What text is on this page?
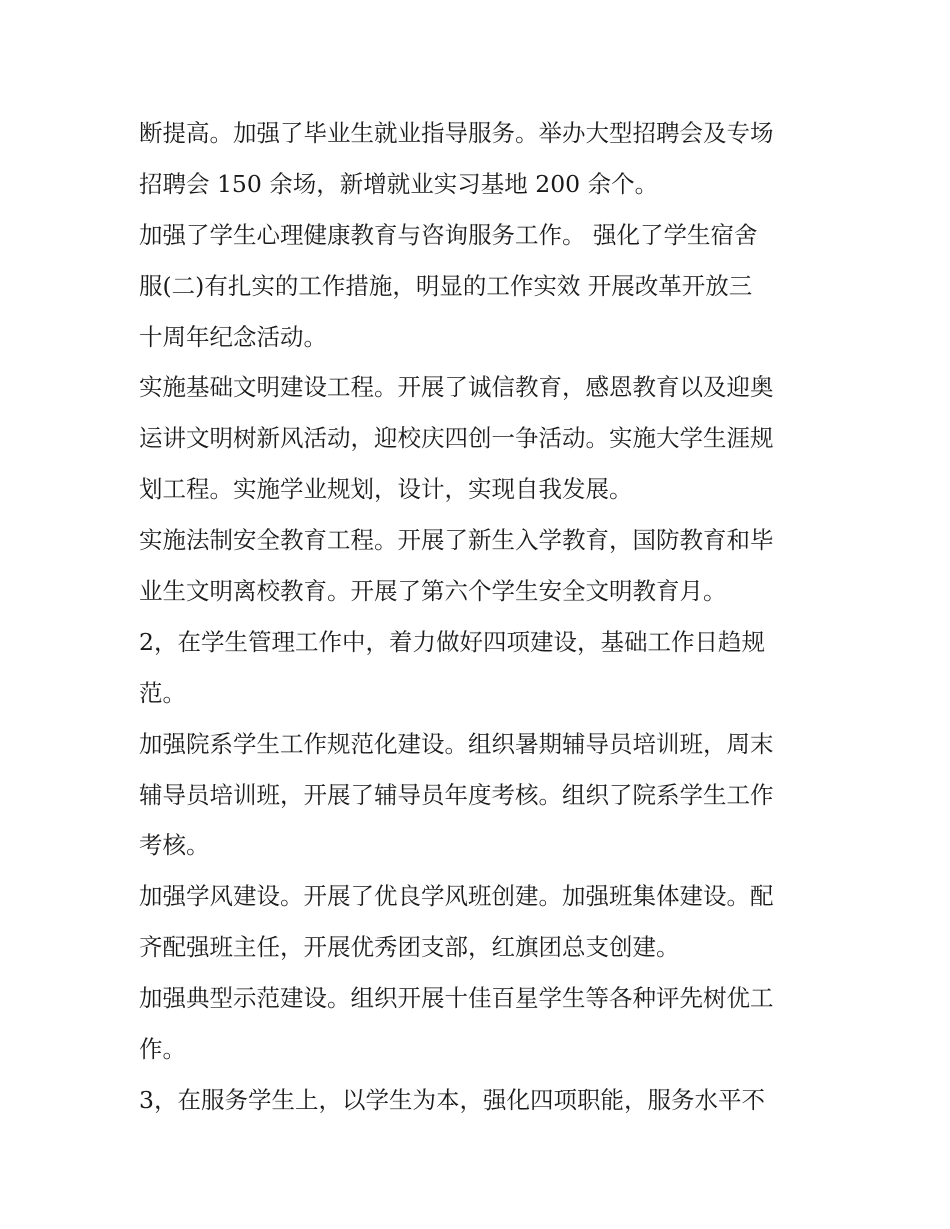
断提高。加强了毕业生就业指导服务。举办大型招聘会及专场
招聘会 150 余场，新增就业实习基地 200 余个。
加强了学生心理健康教育与咨询服务工作。 强化了学生宿舍
服(二)有扎实的工作措施，明显的工作实效 开展改革开放三
十周年纪念活动。
实施基础文明建设工程。开展了诚信教育，感恩教育以及迎奥
运讲文明树新风活动，迎校庆四创一争活动。实施大学生涯规
划工程。实施学业规划，设计，实现自我发展。
实施法制安全教育工程。开展了新生入学教育，国防教育和毕
业生文明离校教育。开展了第六个学生安全文明教育月。
2，在学生管理工作中，着力做好四项建设，基础工作日趋规
范。
加强院系学生工作规范化建设。组织暑期辅导员培训班，周末
辅导员培训班，开展了辅导员年度考核。组织了院系学生工作
考核。
加强学风建设。开展了优良学风班创建。加强班集体建设。配
齐配强班主任，开展优秀团支部，红旗团总支创建。
加强典型示范建设。组织开展十佳百星学生等各种评先树优工
作。
3，在服务学生上，以学生为本，强化四项职能，服务水平不
